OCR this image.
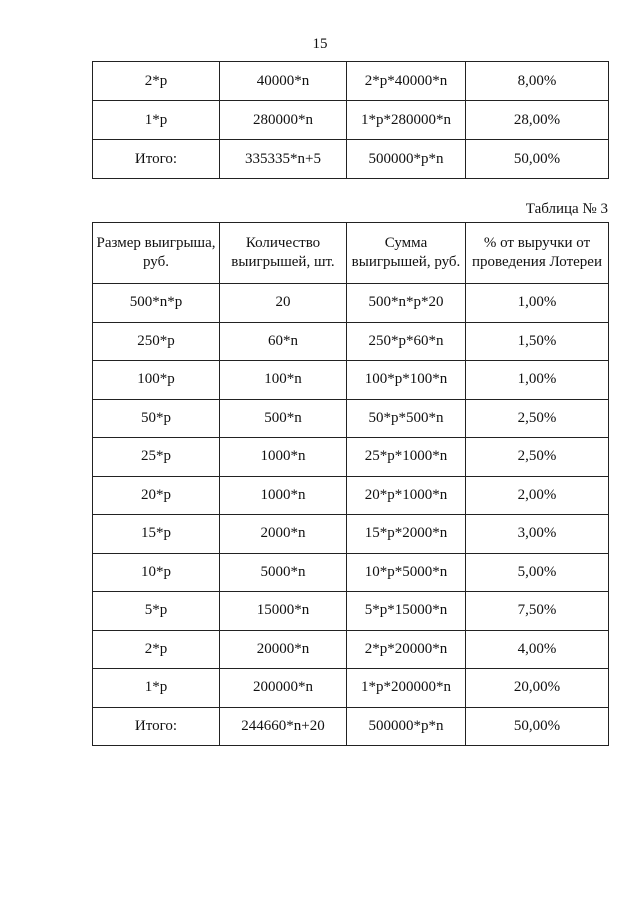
15
2*p	40000*n	2*p*40000*n	8,00%
1*p	280000*n	1*p*280000*n	28,00%
Итого:	335335*n+5	500000*p*n	50,00%
Таблица № 3
Размер выигрыша, руб.	Количество выигрышей, шт.	Сумма выигрышей, руб.	% от выручки от проведения Лотереи
500*n*p	20	500*n*p*20	1,00%
250*p	60*n	250*p*60*n	1,50%
100*p	100*n	100*p*100*n	1,00%
50*p	500*n	50*p*500*n	2,50%
25*p	1000*n	25*p*1000*n	2,50%
20*p	1000*n	20*p*1000*n	2,00%
15*p	2000*n	15*p*2000*n	3,00%
10*p	5000*n	10*p*5000*n	5,00%
5*p	15000*n	5*p*15000*n	7,50%
2*p	20000*n	2*p*20000*n	4,00%
1*p	200000*n	1*p*200000*n	20,00%
Итого:	244660*n+20	500000*p*n	50,00%
